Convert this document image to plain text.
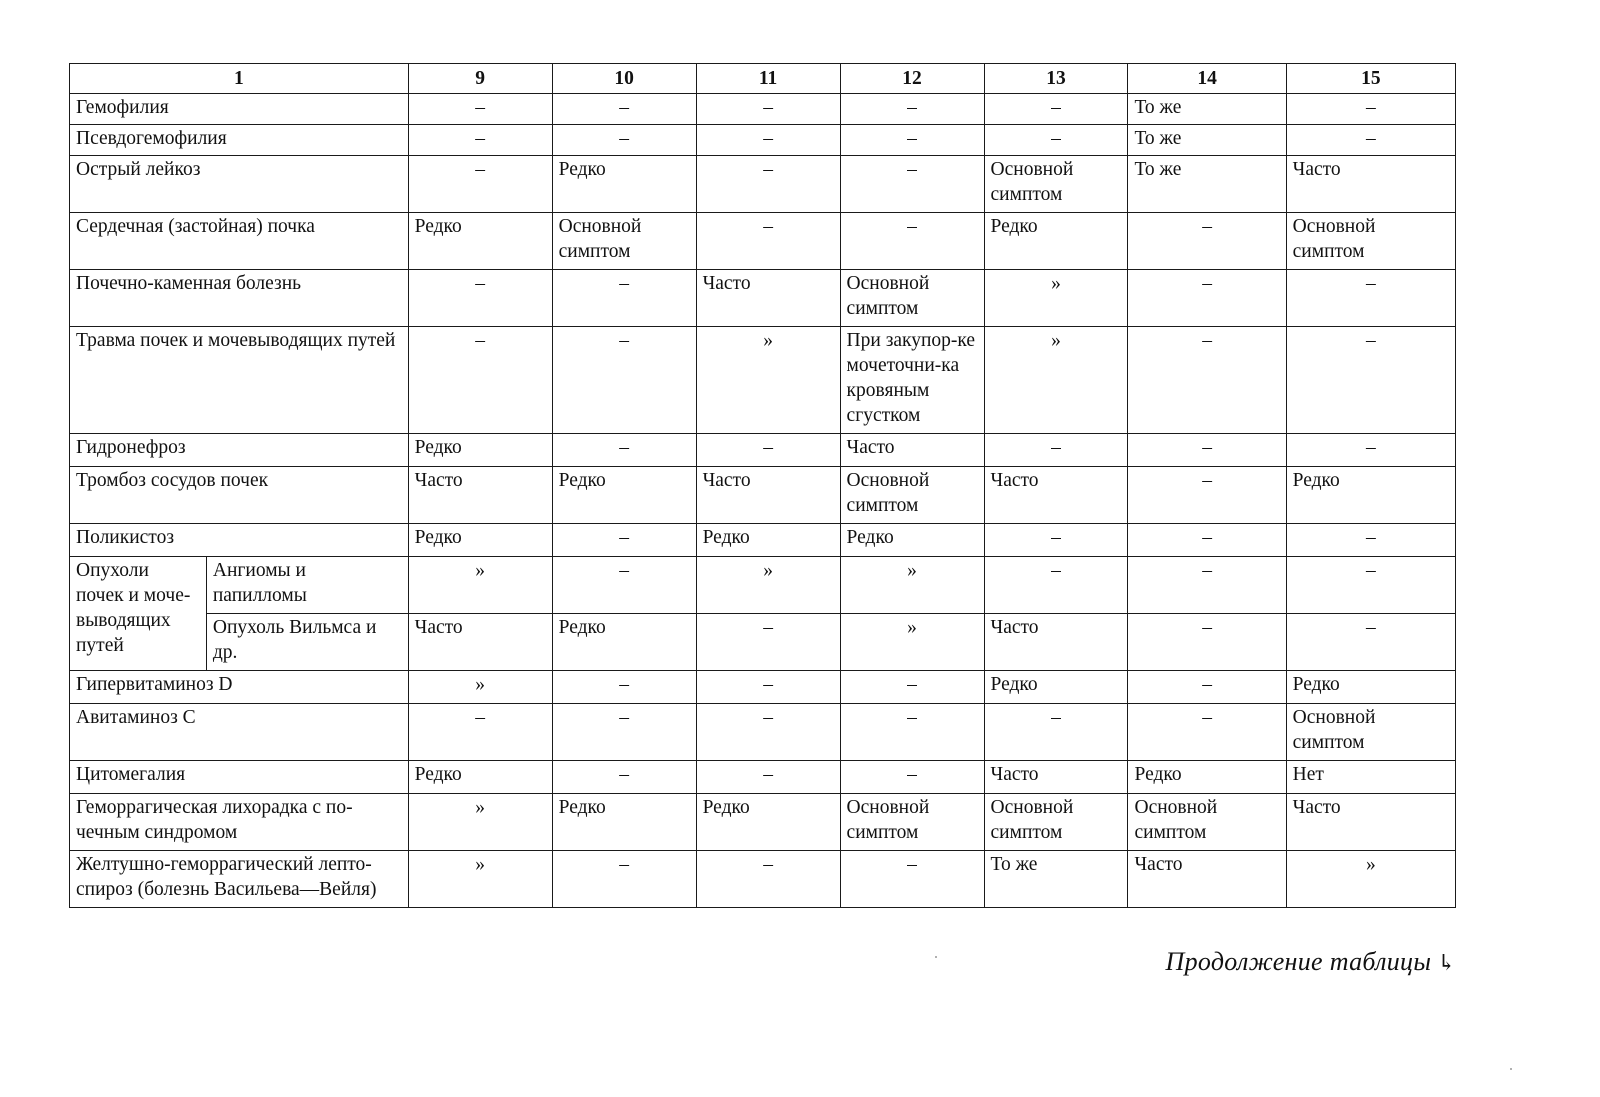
1		9	10	11	12	13	14	15
Гемофилия		–	–	–	–	–	То же	–
Псевдогемофилия		–	–	–	–	–	То же	–
Острый лейкоз		–	Редко	–	–	Основной симптом	То же	Часто
Сердечная (застойная) почка		Редко	Основной симптом	–	–	Редко	–	Основной симптом
Почечно-каменная болезнь		–	–	Часто	Основной симптом	»	–	–
Травма почек и мочевыводящих путей		–	–	»	При закупор-ке мочеточни-ка кровяным сгустком	»	–	–
Гидронефроз		Редко	–	–	Часто	–	–	–
Тромбоз сосудов почек		Часто	Редко	Часто	Основной симптом	Часто	–	Редко
Поликистоз		Редко	–	Редко	Редко	–	–	–
Опухоли почек и моче-выводящих путей	Ангиомы и папилломы	»	–	»	»	–	–	–
	Опухоль Вильмса и др.	Часто	Редко	–	»	Часто	–	–
Гипервитаминоз D		»	–	–	–	Редко	–	Редко
Авитаминоз C		–	–	–	–	–	–	Основной симптом
Цитомегалия		Редко	–	–	–	Часто	Редко	Нет
Геморрагическая лихорадка с по-чечным синдромом		»	Редко	Редко	Основной симптом	Основной симптом	Основной симптом	Часто
Желтушно-геморрагический лепто-спироз (болезнь Васильева—Вейля)		»	–	–	–	То же	Часто	»
Продолжение таблицы ↳
